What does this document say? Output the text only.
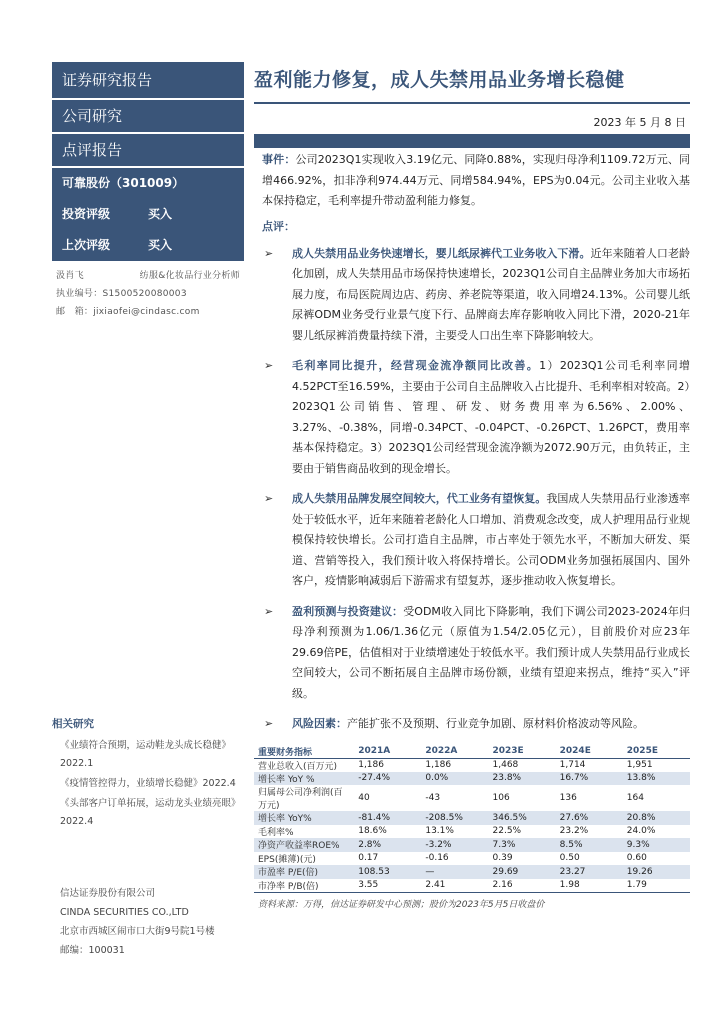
证券研究报告
公司研究
点评报告
可靠股份（301009）
投资评级	买入
上次评级	买入
汲肖飞	纺服&化妆品行业分析师
执业编号：S1500520080003
邮　箱：jixiaofei@cindasc.com
相关研究

《业绩符合预期，运动鞋龙头成长稳健》2022.1

《疫情管控得力，业绩增长稳健》2022.4

《头部客户订单拓展，运动龙头业绩亮眼》2022.4

信达证券股份有限公司
CINDA SECURITIES CO.,LTD
北京市西城区闹市口大街9号院1号楼
邮编：100031
盈利能力修复，成人失禁用品业务增长稳健
2023 年 5 月 8 日
事件：公司2023Q1实现收入3.19亿元、同降0.88%，实现归母净利1109.72万元、同增466.92%，扣非净利974.44万元、同增584.94%，EPS为0.04元。公司主业收入基本保持稳定，毛利率提升带动盈利能力修复。
点评：
➢ 成人失禁用品业务快速增长，婴儿纸尿裤代工业务收入下滑。近年来随着人口老龄化加剧，成人失禁用品市场保持快速增长，2023Q1公司自主品牌业务加大市场拓展力度，布局医院周边店、药房、养老院等渠道，收入同增24.13%。公司婴儿纸尿裤ODM业务受行业景气度下行、品牌商去库存影响收入同比下滑，2020-21年婴儿纸尿裤消费量持续下滑，主要受人口出生率下降影响较大。
➢ 毛利率同比提升，经营现金流净额同比改善。1）2023Q1公司毛利率同增4.52PCT至16.59%，主要由于公司自主品牌收入占比提升、毛利率相对较高。2）2023Q1公司销售、管理、研发、财务费用率为6.56%、2.00%、3.27%、-0.38%，同增-0.34PCT、-0.04PCT、-0.26PCT、1.26PCT，费用率基本保持稳定。3）2023Q1公司经营现金流净额为2072.90万元，由负转正，主要由于销售商品收到的现金增长。
➢ 成人失禁用品牌发展空间较大，代工业务有望恢复。我国成人失禁用品行业渗透率处于较低水平，近年来随着老龄化人口增加、消费观念改变，成人护理用品行业规模保持较快增长。公司打造自主品牌，市占率处于领先水平，不断加大研发、渠道、营销等投入，我们预计收入将保持增长。公司ODM业务加强拓展国内、国外客户，疫情影响减弱后下游需求有望复苏，逐步推动收入恢复增长。
➢ 盈利预测与投资建议：受ODM收入同比下降影响，我们下调公司2023-2024年归母净利预测为1.06/1.36亿元（原值为1.54/2.05亿元），目前股价对应23年29.69倍PE，估值相对于业绩增速处于较低水平。我们预计成人失禁用品行业成长空间较大，公司不断拓展自主品牌市场份额，业绩有望迎来拐点，维持“买入”评级。
➢ 风险因素：产能扩张不及预期、行业竞争加剧、原材料价格波动等风险。
重要财务指标	2021A	2022A	2023E	2024E	2025E
营业总收入(百万元)	1,186	1,186	1,468	1,714	1,951
增长率 YoY %	-27.4%	0.0%	23.8%	16.7%	13.8%
归属母公司净利润(百万元)	40	-43	106	136	164
增长率 YoY%	-81.4%	-208.5%	346.5%	27.6%	20.8%
毛利率%	18.6%	13.1%	22.5%	23.2%	24.0%
净资产收益率ROE%	2.8%	-3.2%	7.3%	8.5%	9.3%
EPS(摊薄)(元)	0.17	-0.16	0.39	0.50	0.60
市盈率 P/E(倍)	108.53	—	29.69	23.27	19.26
市净率 P/B(倍)	3.55	2.41	2.16	1.98	1.79
资料来源：万得，信达证券研发中心预测；股价为2023年5月5日收盘价
